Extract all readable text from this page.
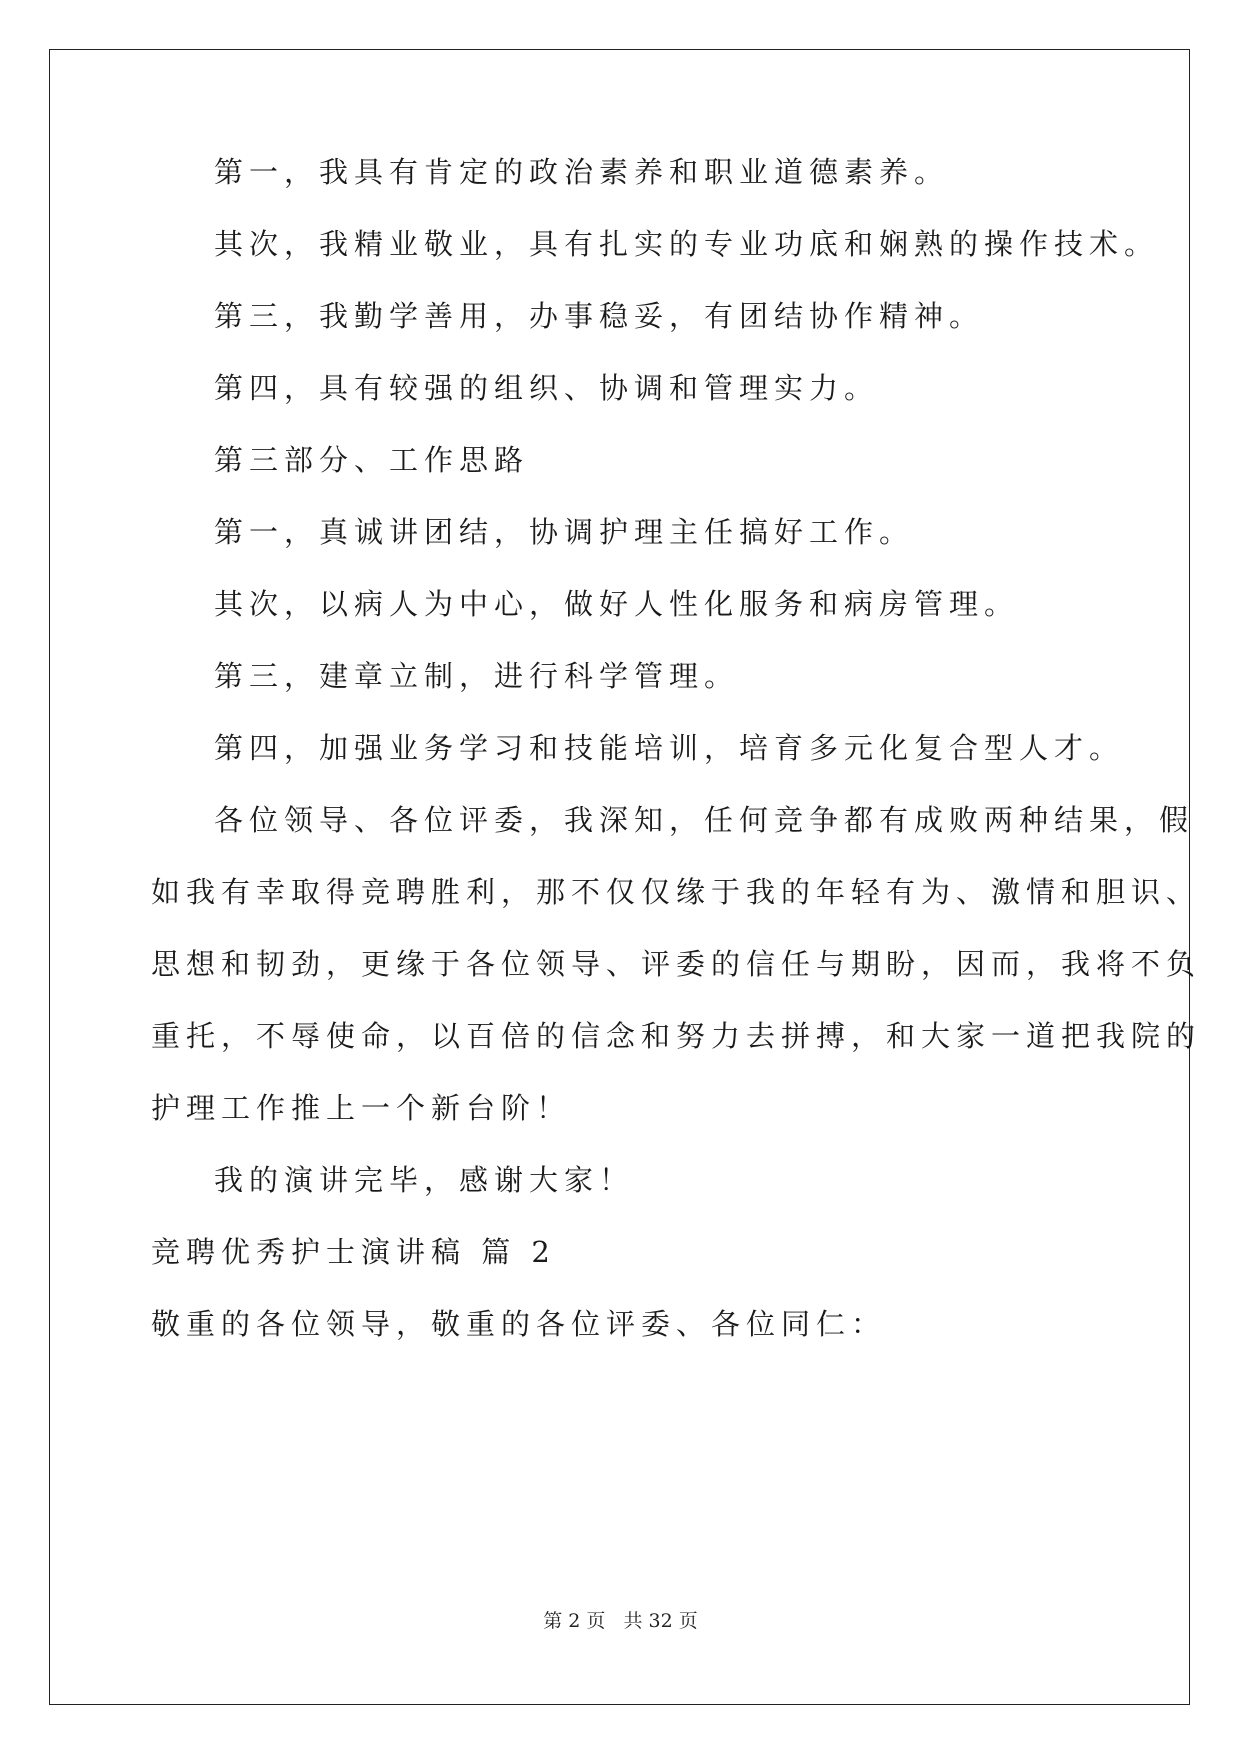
第一，我具有肯定的政治素养和职业道德素养。
其次，我精业敬业，具有扎实的专业功底和娴熟的操作技术。
第三，我勤学善用，办事稳妥，有团结协作精神。
第四，具有较强的组织、协调和管理实力。
第三部分、工作思路
第一，真诚讲团结，协调护理主任搞好工作。
其次，以病人为中心，做好人性化服务和病房管理。
第三，建章立制，进行科学管理。
第四，加强业务学习和技能培训，培育多元化复合型人才。
各位领导、各位评委，我深知，任何竞争都有成败两种结果，假
如我有幸取得竞聘胜利，那不仅仅缘于我的年轻有为、激情和胆识、
思想和韧劲，更缘于各位领导、评委的信任与期盼，因而，我将不负
重托，不辱使命，以百倍的信念和努力去拼搏，和大家一道把我院的
护理工作推上一个新台阶！
我的演讲完毕，感谢大家！
竞聘优秀护士演讲稿 篇 2
敬重的各位领导，敬重的各位评委、各位同仁：
第 2 页 共 32 页
